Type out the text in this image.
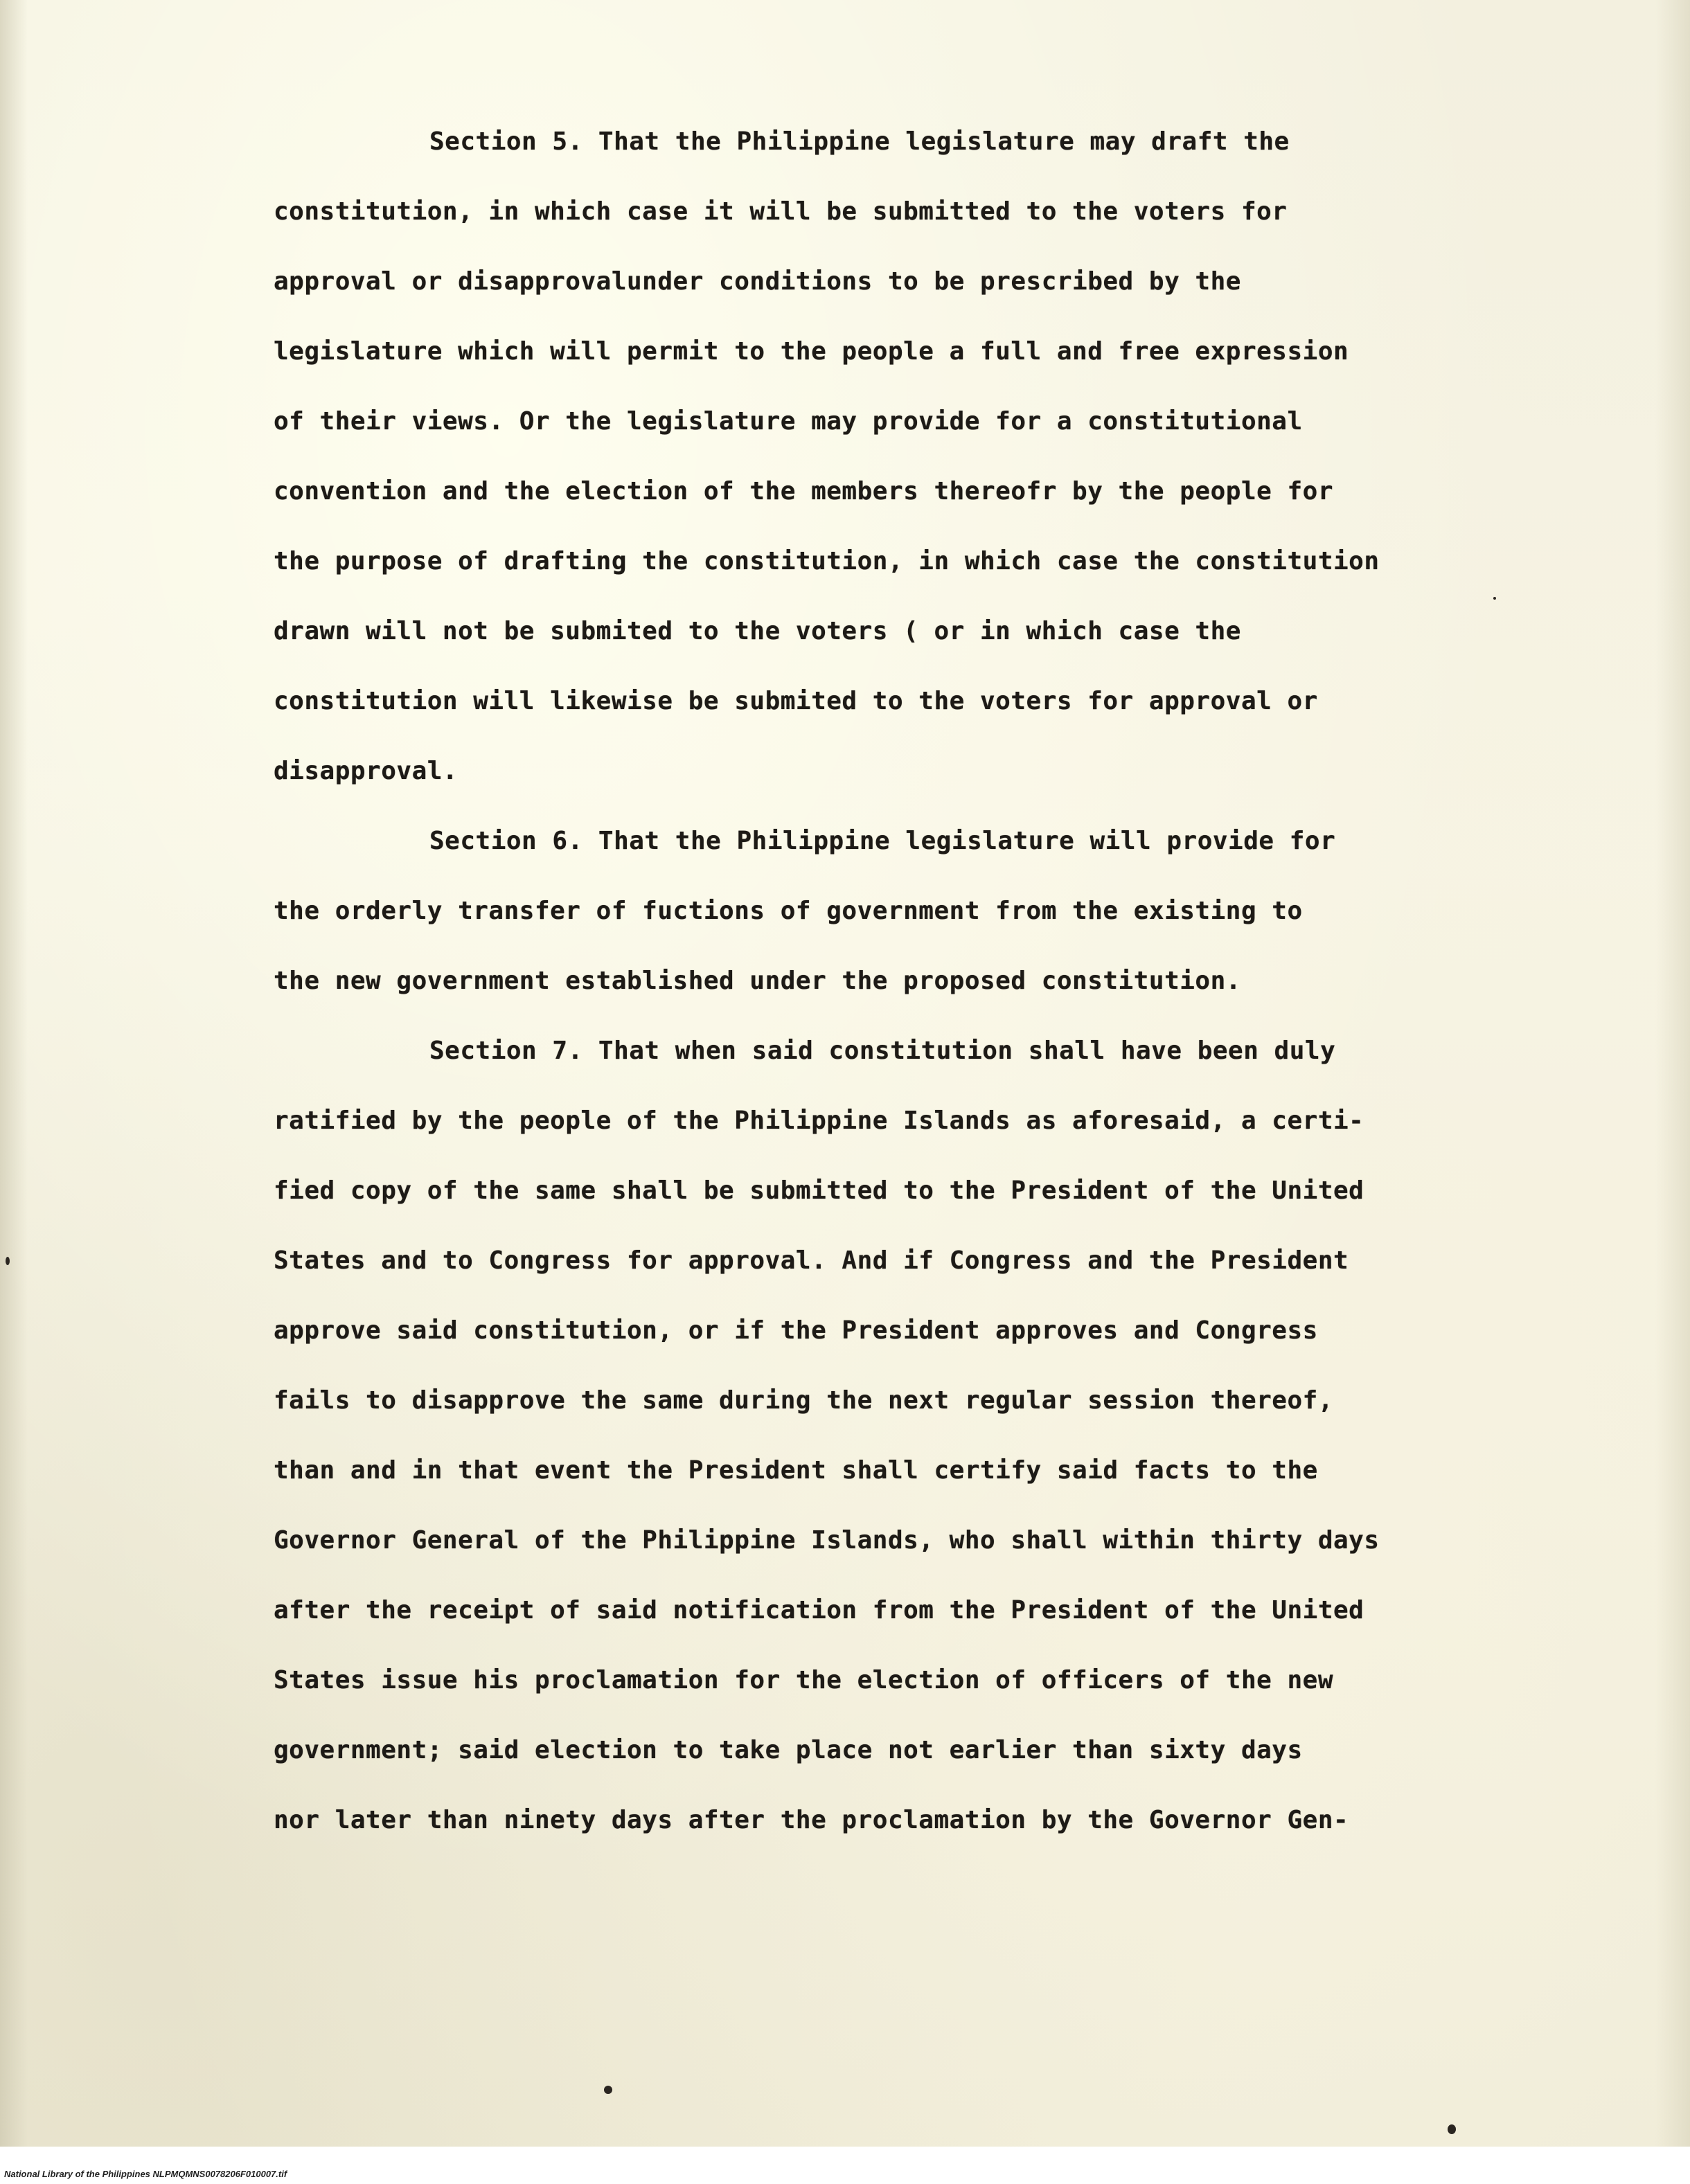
Section 5. That the Philippine legislature may draft the
constitution, in which case it will be submitted to the voters for
approval or disapprovalunder conditions to be prescribed by the
legislature which will permit to the people a full and free expression
of their views. Or the legislature may provide for a constitutional
convention and the election of the members thereofr by the people for
the purpose of drafting the constitution, in which case the constitution
drawn will not be submited to the voters ( or in which case the
constitution will likewise be submited to the voters for approval or
disapproval.
Section 6. That the Philippine legislature will provide for
the orderly transfer of fuctions of government from the existing to
the new government established under the proposed constitution.
Section 7. That when said constitution shall have been duly
ratified by the people of the Philippine Islands as aforesaid, a certi-
fied copy of the same shall be submitted to the President of the United
States and to Congress for approval. And if Congress and the President
approve said constitution, or if the President approves and Congress
fails to disapprove the same during the next regular session thereof,
than and in that event the President shall certify said facts to the
Governor General of the Philippine Islands, who shall within thirty days
after the receipt of said notification from the President of the United
States issue his proclamation for the election of officers of the new
government; said election to take place not earlier than sixty days
nor later than ninety days after the proclamation by the Governor Gen-
National Library of the Philippines NLPMQMNS0078206F010007.tif
